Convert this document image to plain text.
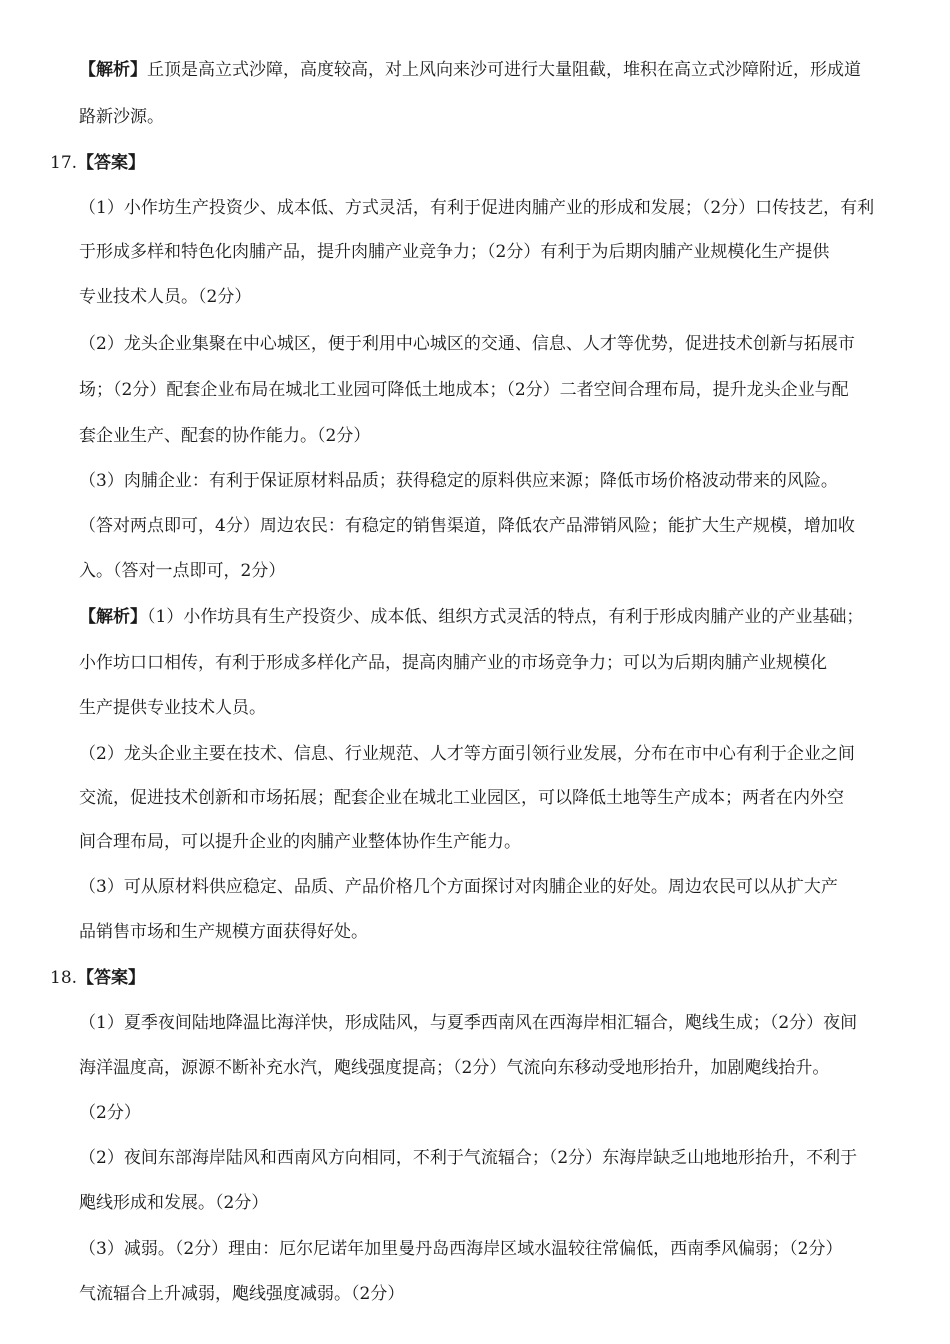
【解析】丘顶是高立式沙障，高度较高，对上风向来沙可进行大量阻截，堆积在高立式沙障附近，形成道
路新沙源。
17.【答案】
（1）小作坊生产投资少、成本低、方式灵活，有利于促进肉脯产业的形成和发展；（2分）口传技艺，有利
于形成多样和特色化肉脯产品，提升肉脯产业竞争力；（2分）有利于为后期肉脯产业规模化生产提供
专业技术人员。（2分）
（2）龙头企业集聚在中心城区，便于利用中心城区的交通、信息、人才等优势，促进技术创新与拓展市
场；（2分）配套企业布局在城北工业园可降低土地成本；（2分）二者空间合理布局，提升龙头企业与配
套企业生产、配套的协作能力。（2分）
（3）肉脯企业：有利于保证原材料品质；获得稳定的原料供应来源；降低市场价格波动带来的风险。
（答对两点即可，4分）周边农民：有稳定的销售渠道，降低农产品滞销风险；能扩大生产规模，增加收
入。（答对一点即可，2分）
【解析】（1）小作坊具有生产投资少、成本低、组织方式灵活的特点，有利于形成肉脯产业的产业基础；
小作坊口口相传，有利于形成多样化产品，提高肉脯产业的市场竞争力；可以为后期肉脯产业规模化
生产提供专业技术人员。
（2）龙头企业主要在技术、信息、行业规范、人才等方面引领行业发展，分布在市中心有利于企业之间
交流，促进技术创新和市场拓展；配套企业在城北工业园区，可以降低土地等生产成本；两者在内外空
间合理布局，可以提升企业的肉脯产业整体协作生产能力。
（3）可从原材料供应稳定、品质、产品价格几个方面探讨对肉脯企业的好处。周边农民可以从扩大产
品销售市场和生产规模方面获得好处。
18.【答案】
（1）夏季夜间陆地降温比海洋快，形成陆风，与夏季西南风在西海岸相汇辐合，飑线生成；（2分）夜间
海洋温度高，源源不断补充水汽，飑线强度提高；（2分）气流向东移动受地形抬升，加剧飑线抬升。
（2分）
（2）夜间东部海岸陆风和西南风方向相同，不利于气流辐合；（2分）东海岸缺乏山地地形抬升，不利于
飑线形成和发展。（2分）
（3）减弱。（2分）理由：厄尔尼诺年加里曼丹岛西海岸区域水温较往常偏低，西南季风偏弱；（2分）
气流辐合上升减弱，飑线强度减弱。（2分）
